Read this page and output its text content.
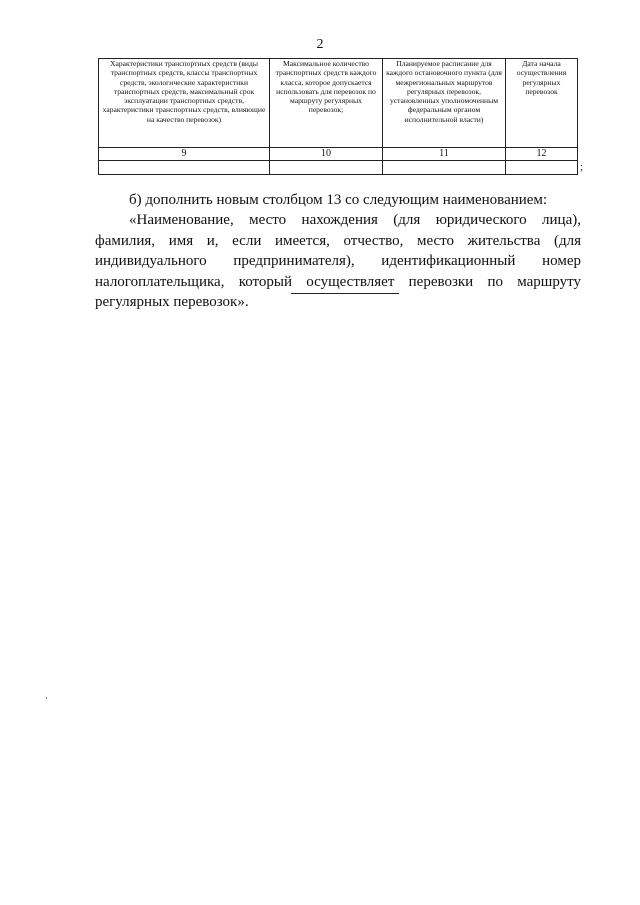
2
Характеристики транспортных средств (виды транспортных средств, классы транспортных средств, экологические характеристики транспортных средств, максимальный срок эксплуатации транспортных средств, характеристики транспортных средств, влияющие на качество перевозок)	Максимальное количество транспортных средств каждого класса, которое допускается использовать для перевозок по маршруту регулярных перевозок;	Планируемое расписание для каждого остановочного пункта (для межрегиональных маршрутов регулярных перевозок, установленных уполномоченным федеральным органом исполнительной власти)	Дата начала осуществления регулярных перевозок
9	10	11	12

;

б) дополнить новым столбцом 13 со следующим наименованием:

«Наименование, место нахождения (для юридического лица), фамилия, имя и, если имеется, отчество, место жительства (для индивидуального предпринимателя), идентификационный номер налогоплательщика, который осуществляет перевозки по маршруту регулярных перевозок».
